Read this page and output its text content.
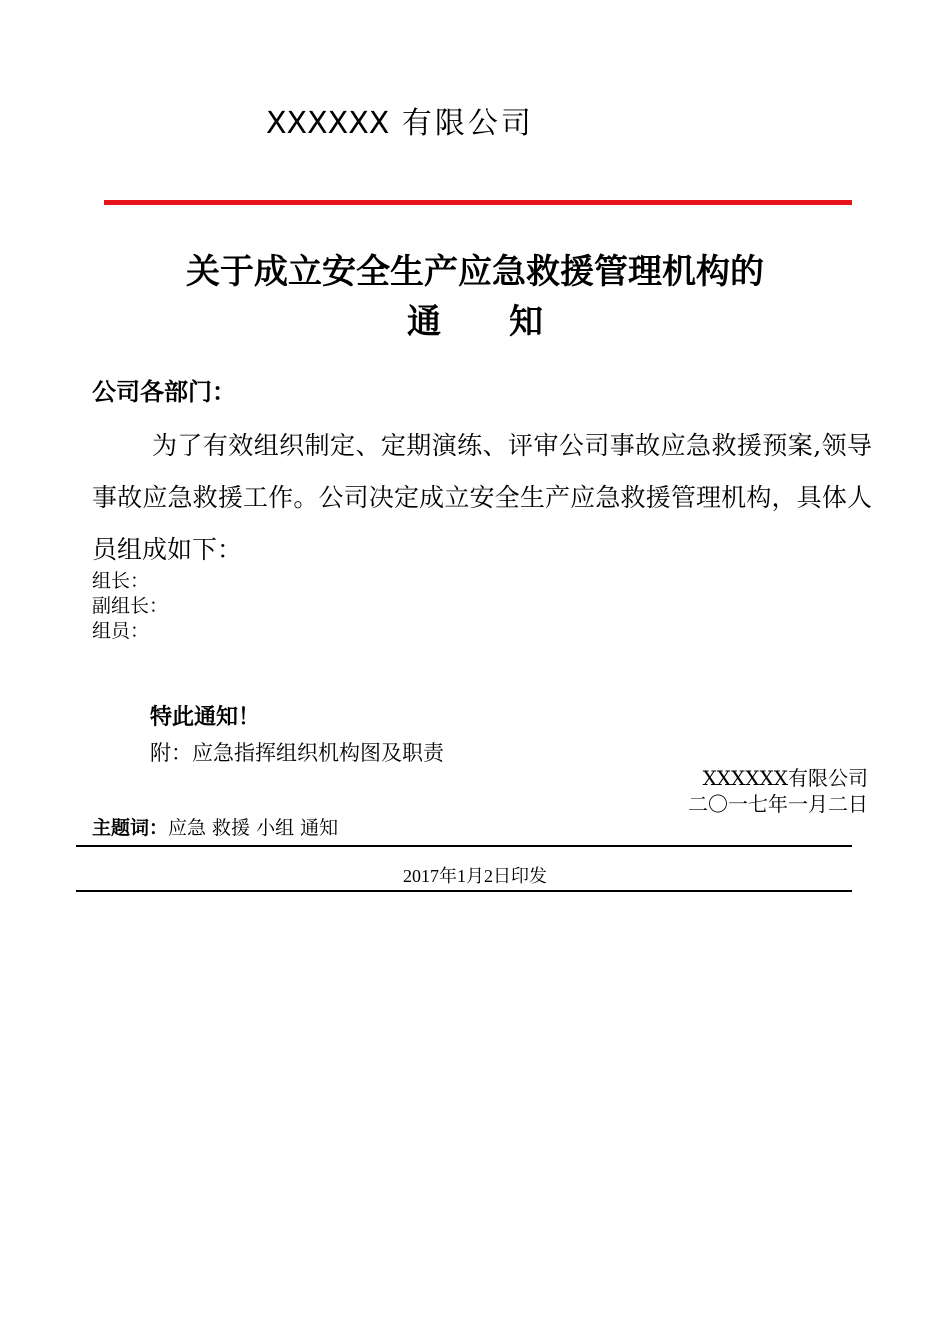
XXXXXX 有限公司
关于成立安全生产应急救援管理机构的
通　　知
公司各部门：
为了有效组织制定、定期演练、评审公司事故应急救援预案,领导事故应急救援工作。公司决定成立安全生产应急救援管理机构，具体人员组成如下：
组长：
副组长：
组员：
特此通知！
附：应急指挥组织机构图及职责
XXXXXX有限公司
二〇一七年一月二日
主题词：应急 救援 小组 通知
2017年1月2日印发
